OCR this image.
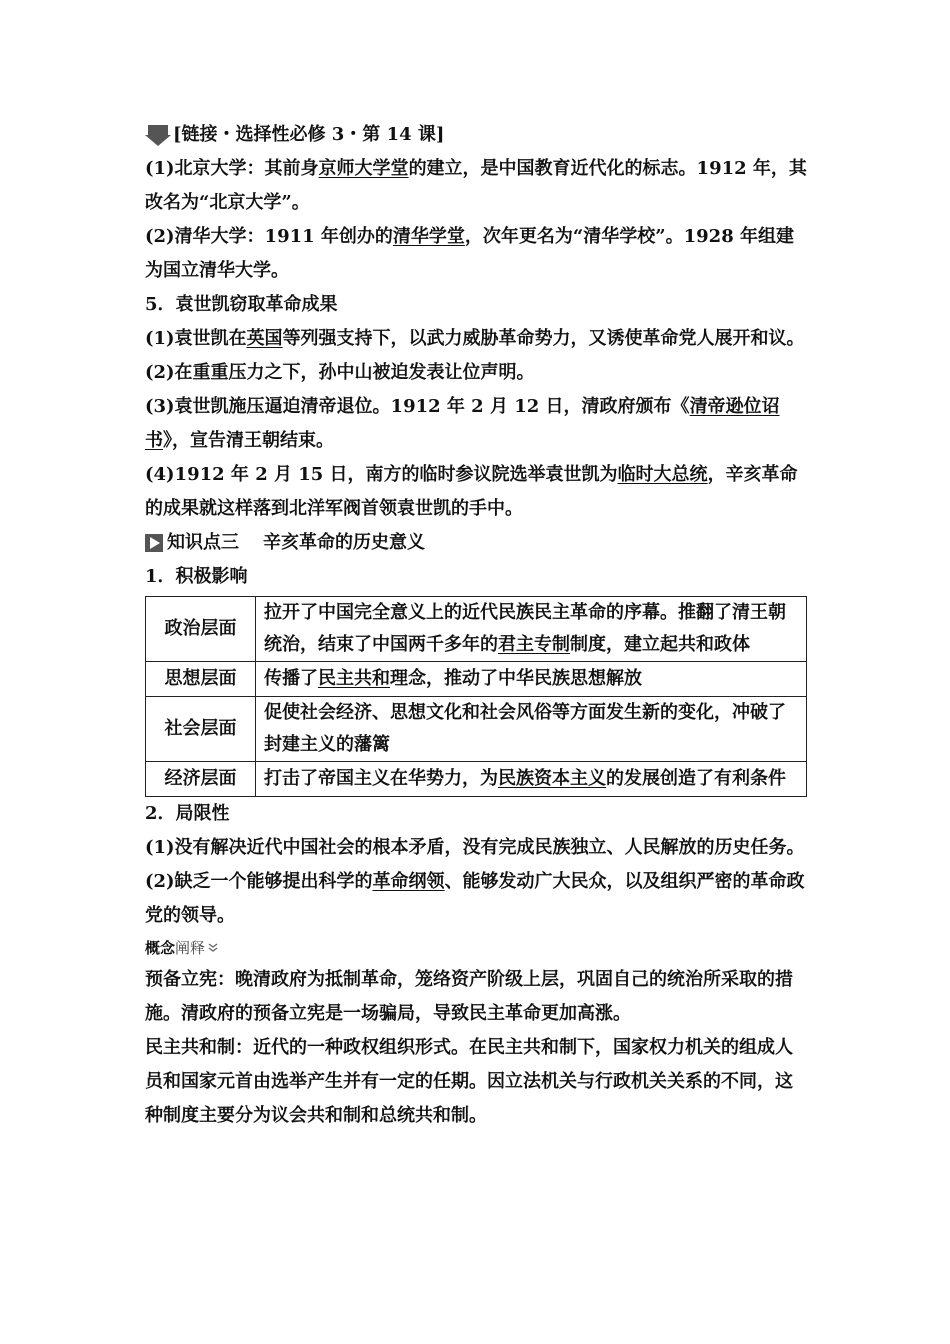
[链接・选择性必修 3・第 14 课]

(1)北京大学：其前身京师大学堂的建立，是中国教育近代化的标志。1912 年，其改名为“北京大学”。

(2)清华大学：1911 年创办的清华学堂，次年更名为“清华学校”。1928 年组建为国立清华大学。

5．袁世凯窃取革命成果

(1)袁世凯在英国等列强支持下，以武力威胁革命势力，又诱使革命党人展开和议。

(2)在重重压力之下，孙中山被迫发表让位声明。

(3)袁世凯施压逼迫清帝退位。1912 年 2 月 12 日，清政府颁布《清帝逊位诏书》，宣告清王朝结束。

(4)1912 年 2 月 15 日，南方的临时参议院选举袁世凯为临时大总统，辛亥革命的成果就这样落到北洋军阀首领袁世凯的手中。

知识点三 辛亥革命的历史意义

1．积极影响

政治层面	拉开了中国完全意义上的近代民族民主革命的序幕。推翻了清王朝统治，结束了中国两千多年的君主专制制度，建立起共和政体
思想层面	传播了民主共和理念，推动了中华民族思想解放
社会层面	促使社会经济、思想文化和社会风俗等方面发生新的变化，冲破了封建主义的藩篱
经济层面	打击了帝国主义在华势力，为民族资本主义的发展创造了有利条件

2．局限性

(1)没有解决近代中国社会的根本矛盾，没有完成民族独立、人民解放的历史任务。

(2)缺乏一个能够提出科学的革命纲领、能够发动广大民众，以及组织严密的革命政党的领导。

概念 阐释

预备立宪：晚清政府为抵制革命，笼络资产阶级上层，巩固自己的统治所采取的措施。清政府的预备立宪是一场骗局，导致民主革命更加高涨。

民主共和制：近代的一种政权组织形式。在民主共和制下，国家权力机关的组成人员和国家元首由选举产生并有一定的任期。因立法机关与行政机关关系的不同，这种制度主要分为议会共和制和总统共和制。
